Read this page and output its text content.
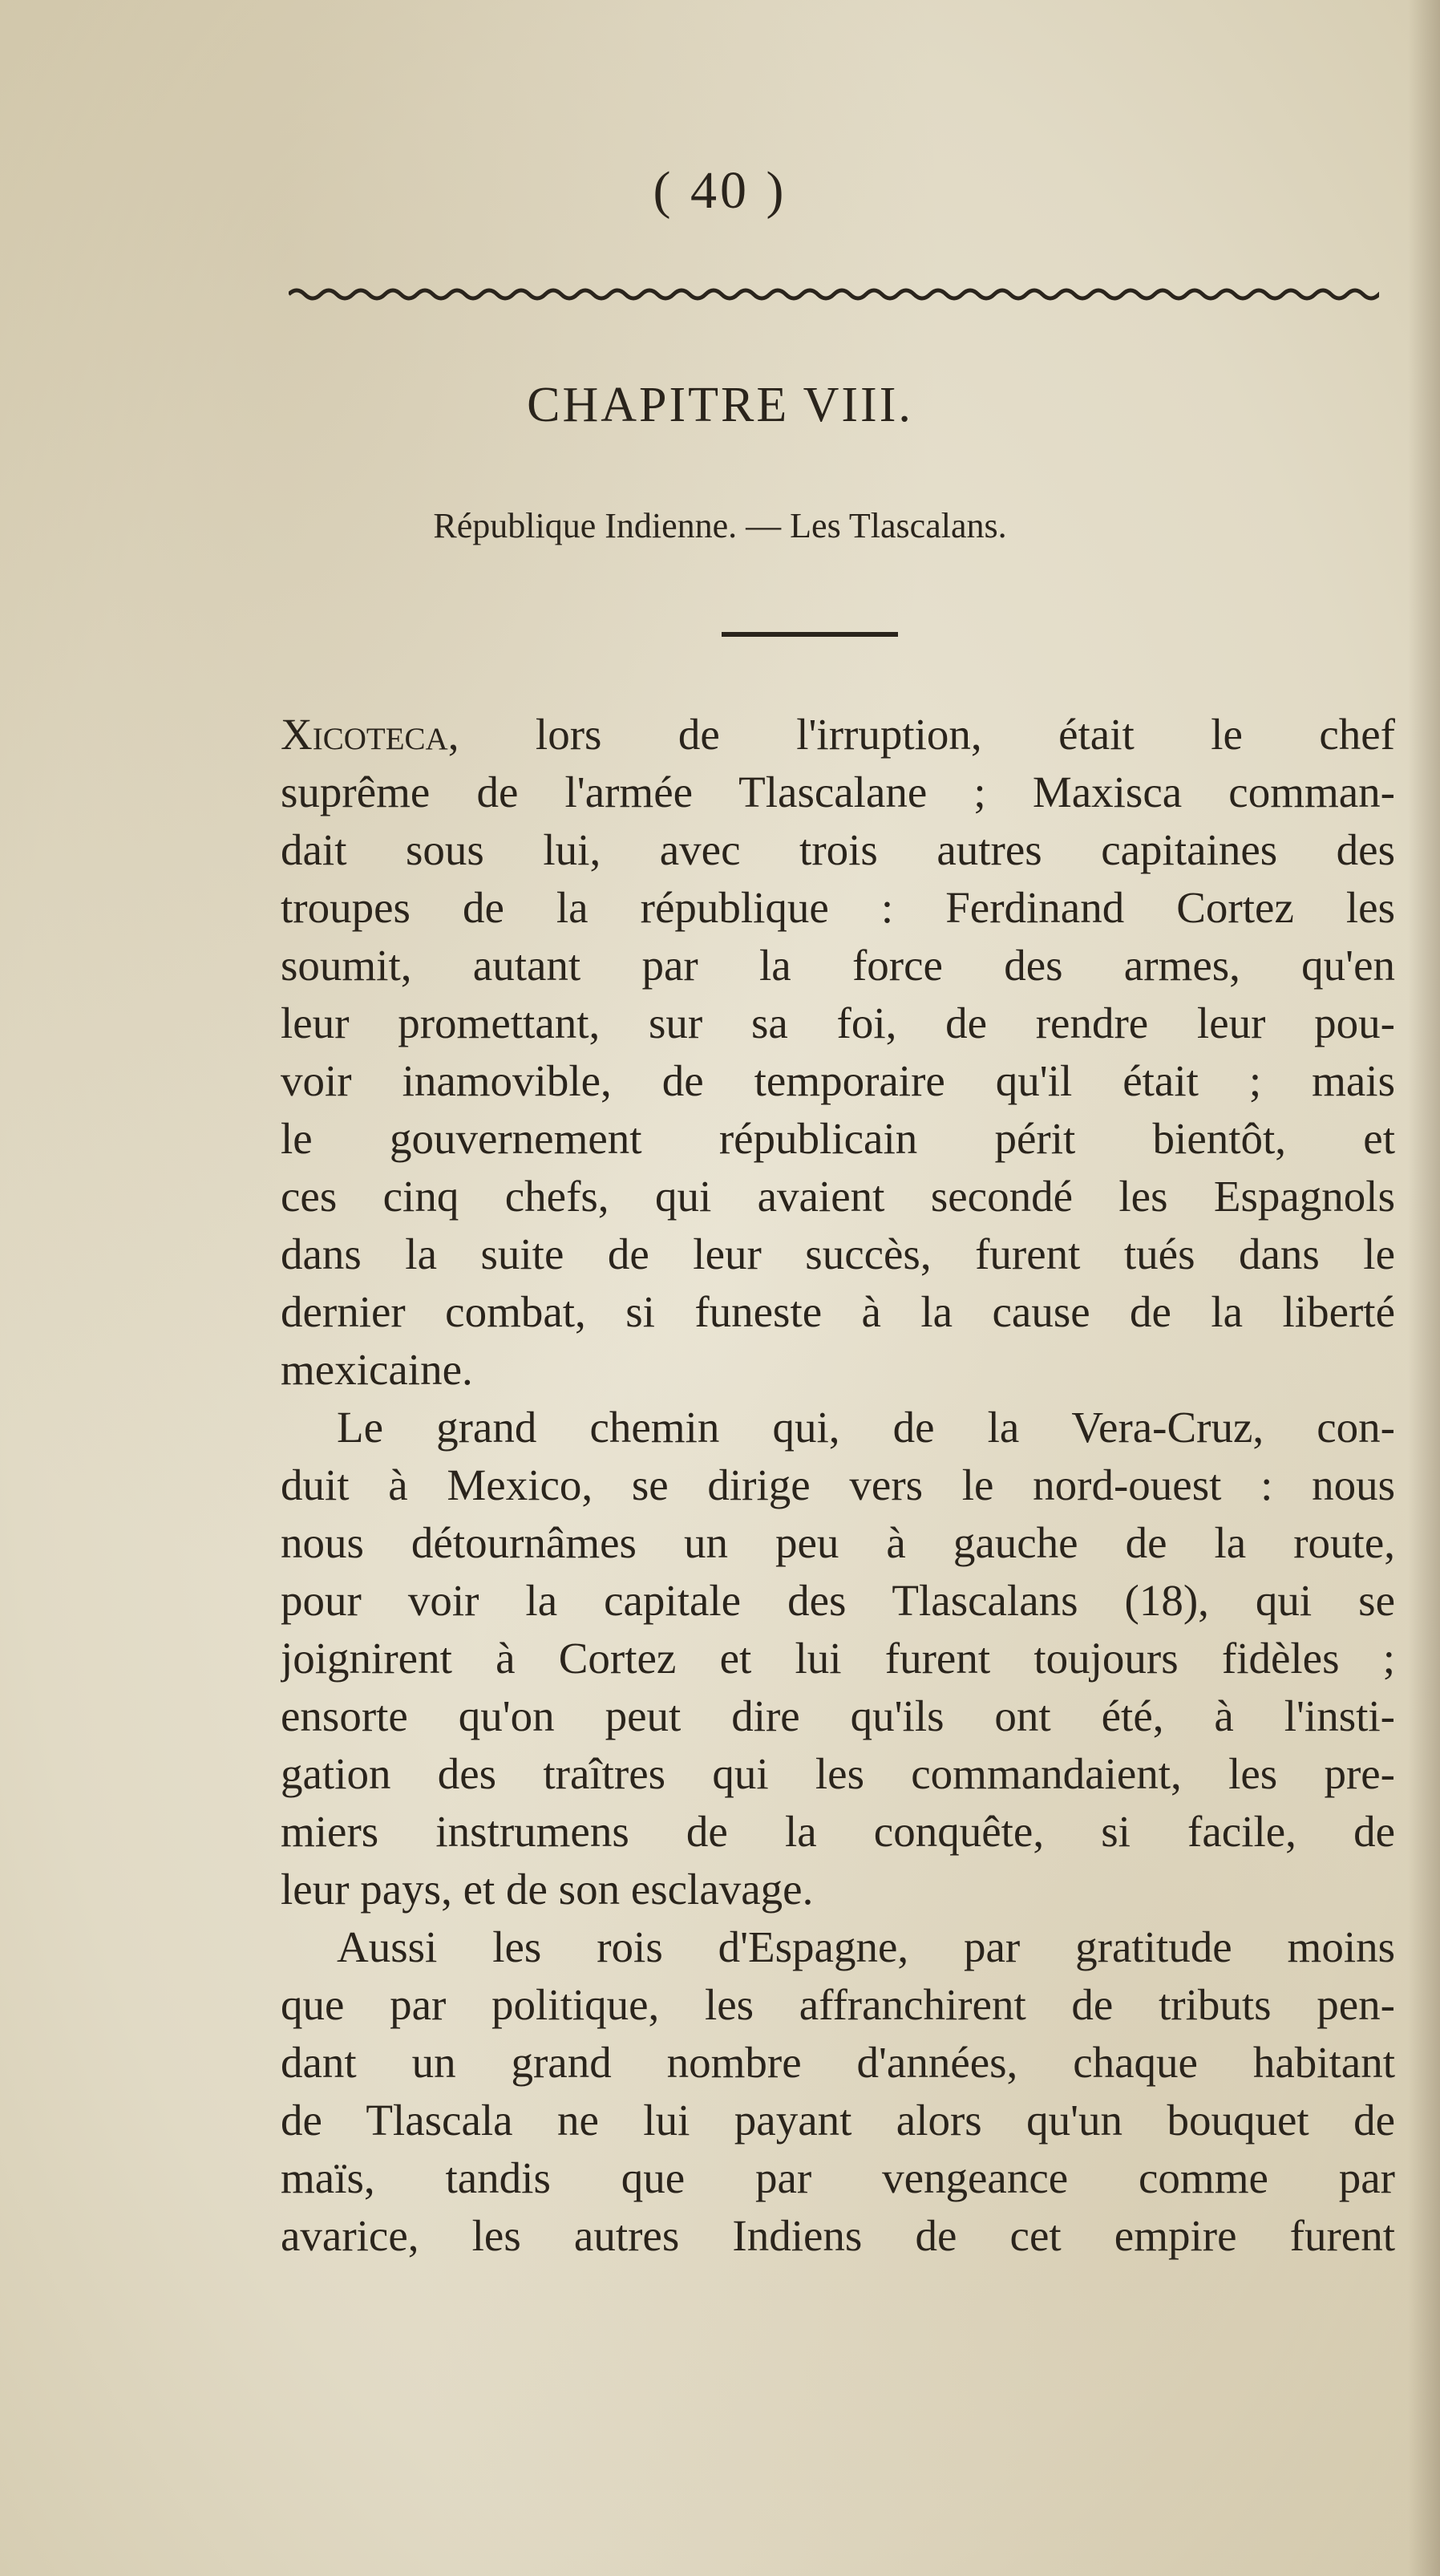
( 40 )
CHAPITRE VIII.
République Indienne. — Les Tlascalans.
Xicoteca, lors de l'irruption, était le chef
suprême de l'armée Tlascalane ; Maxisca comman-
dait sous lui, avec trois autres capitaines des
troupes de la république : Ferdinand Cortez les
soumit, autant par la force des armes, qu'en
leur promettant, sur sa foi, de rendre leur pou-
voir inamovible, de temporaire qu'il était ; mais
le gouvernement républicain périt bientôt, et
ces cinq chefs, qui avaient secondé les Espagnols
dans la suite de leur succès, furent tués dans le
dernier combat, si funeste à la cause de la liberté
mexicaine.
Le grand chemin qui, de la Vera-Cruz, con-
duit à Mexico, se dirige vers le nord-ouest : nous
nous détournâmes un peu à gauche de la route,
pour voir la capitale des Tlascalans (18), qui se
joignirent à Cortez et lui furent toujours fidèles ;
ensorte qu'on peut dire qu'ils ont été, à l'insti-
gation des traîtres qui les commandaient, les pre-
miers instrumens de la conquête, si facile, de
leur pays, et de son esclavage.
Aussi les rois d'Espagne, par gratitude moins
que par politique, les affranchirent de tributs pen-
dant un grand nombre d'années, chaque habitant
de Tlascala ne lui payant alors qu'un bouquet de
maïs, tandis que par vengeance comme par
avarice, les autres Indiens de cet empire furent
